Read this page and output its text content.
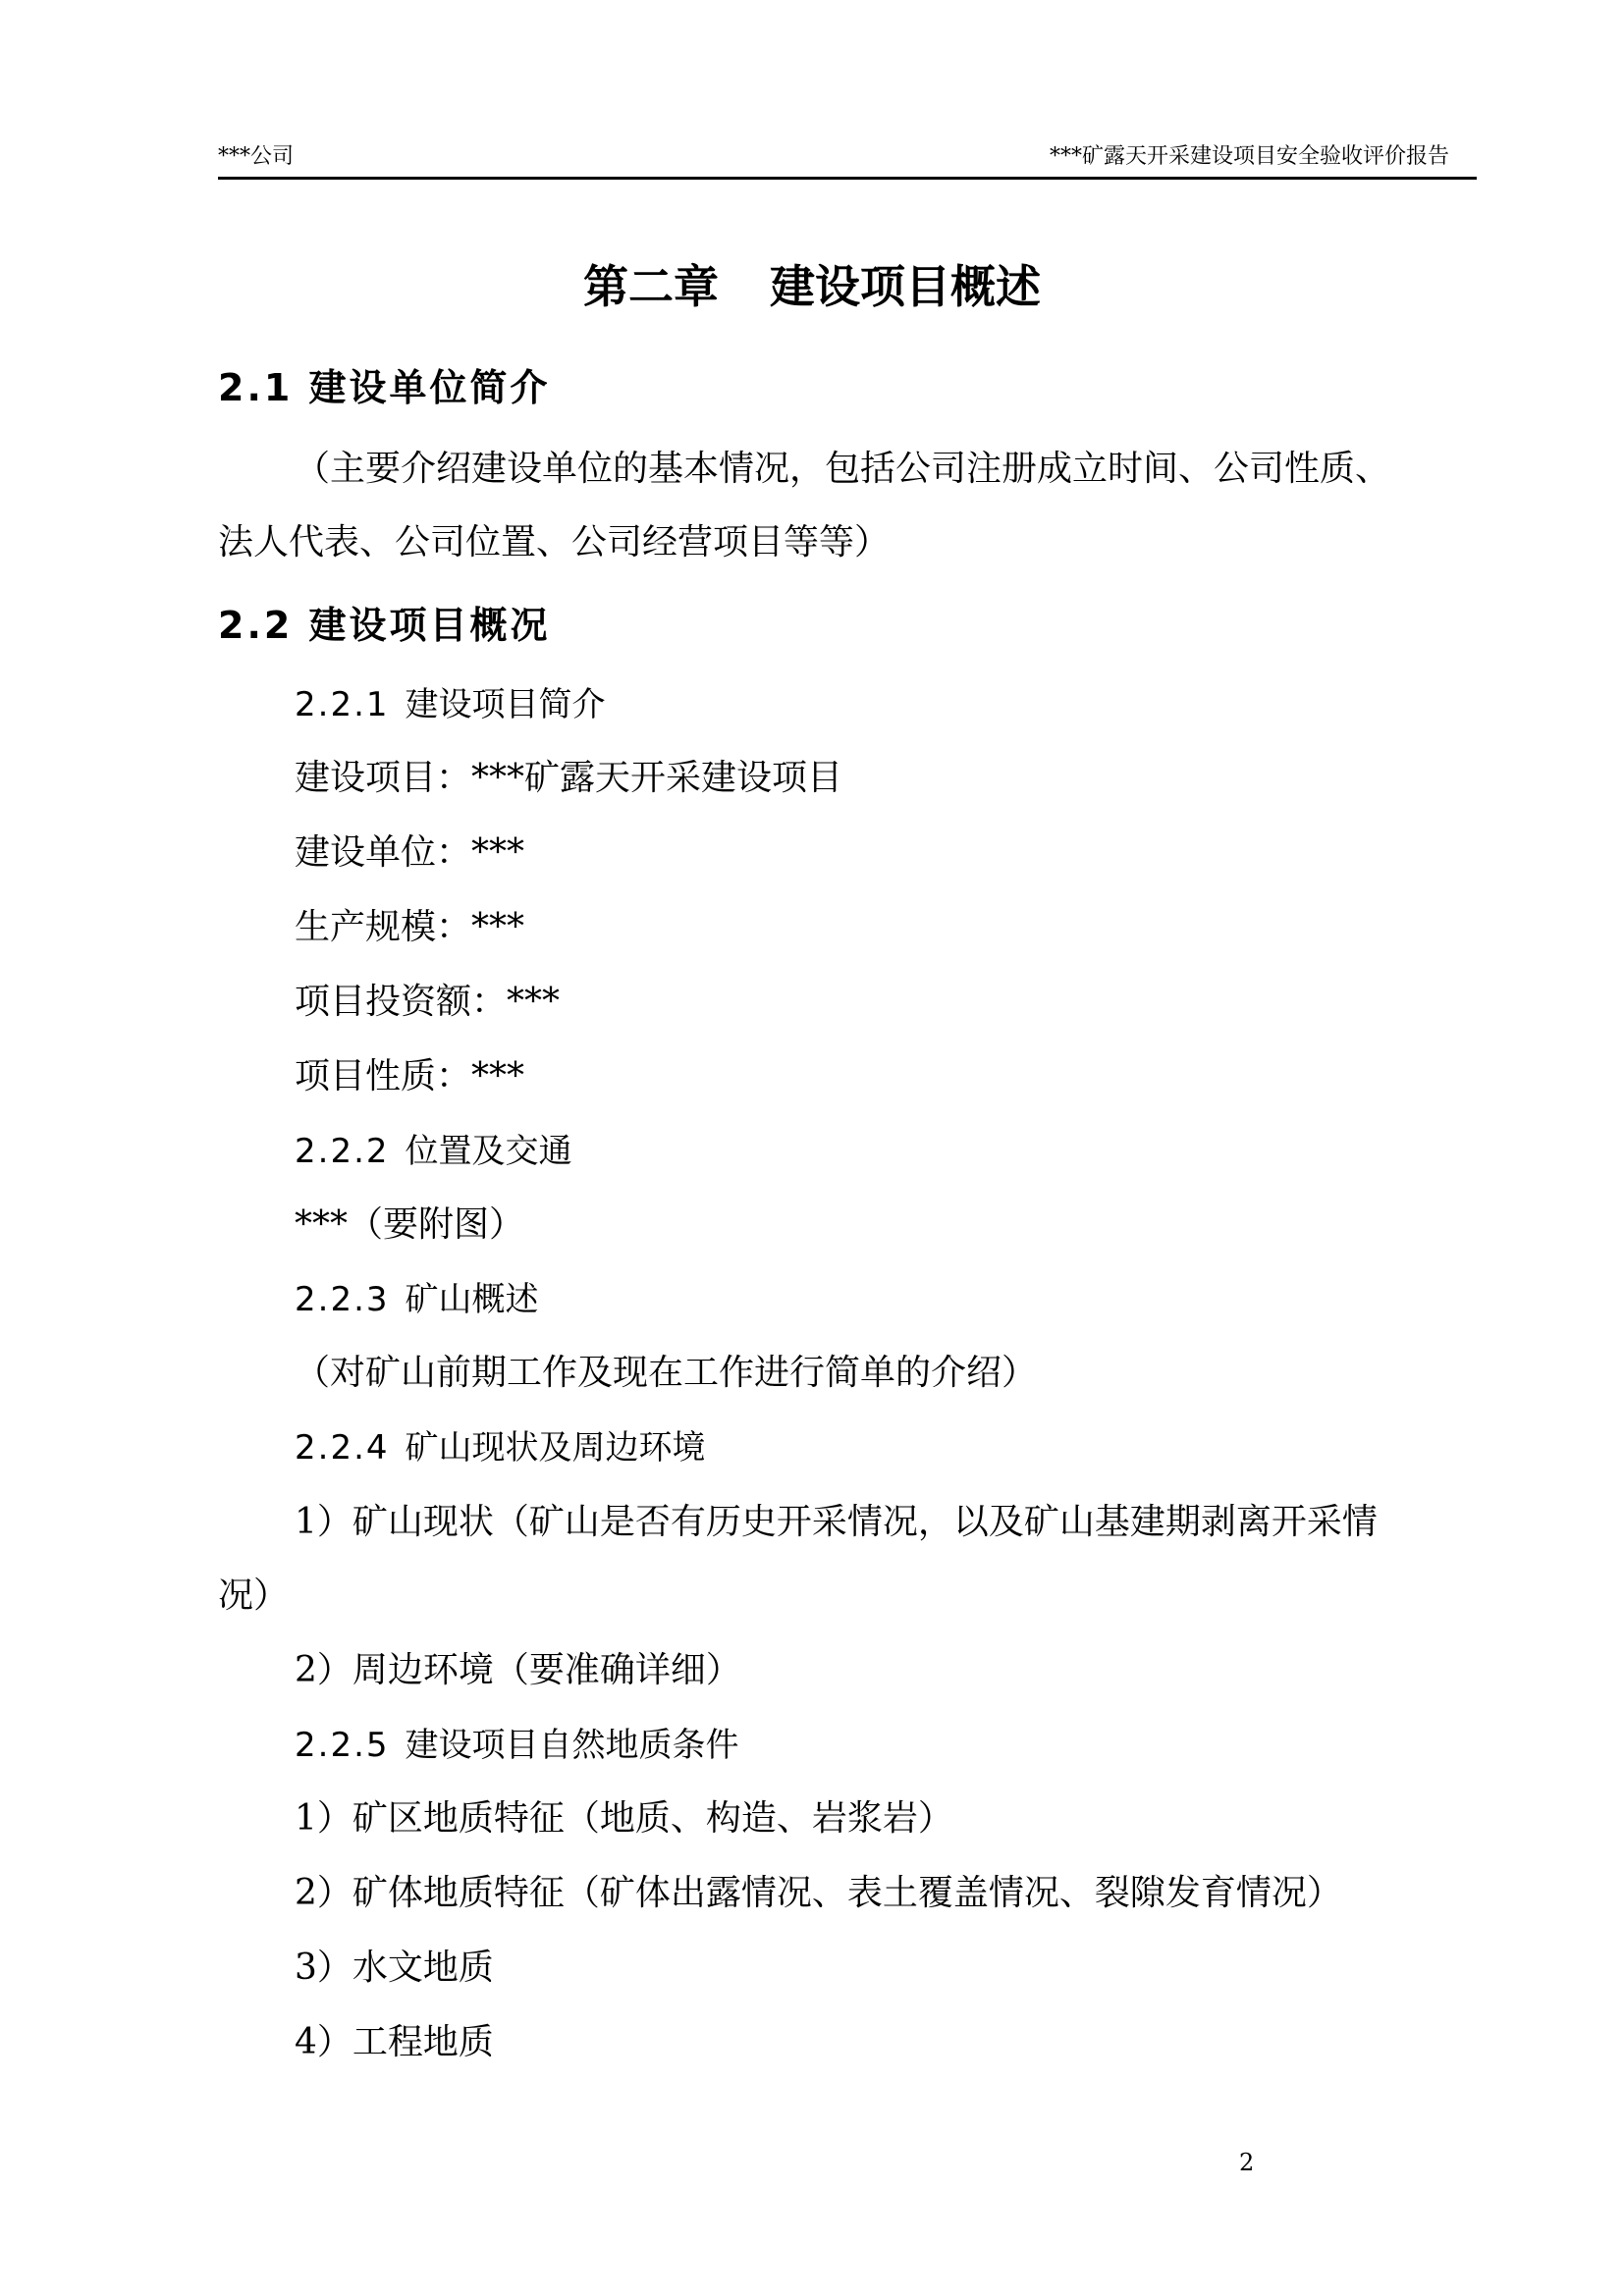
***公司	***矿露天开采建设项目安全验收评价报告
第二章 建设项目概述
2.1 建设单位简介
（主要介绍建设单位的基本情况，包括公司注册成立时间、公司性质、
法人代表、公司位置、公司经营项目等等）
2.2 建设项目概况
2.2.1 建设项目简介
建设项目：***矿露天开采建设项目
建设单位：***
生产规模：***
项目投资额：***
项目性质：***
2.2.2 位置及交通
***（要附图）
2.2.3 矿山概述
（对矿山前期工作及现在工作进行简单的介绍）
2.2.4 矿山现状及周边环境
1）矿山现状（矿山是否有历史开采情况，以及矿山基建期剥离开采情
况）
2）周边环境（要准确详细）
2.2.5 建设项目自然地质条件
1）矿区地质特征（地质、构造、岩浆岩）
2）矿体地质特征（矿体出露情况、表土覆盖情况、裂隙发育情况）
3）水文地质
4）工程地质
2
